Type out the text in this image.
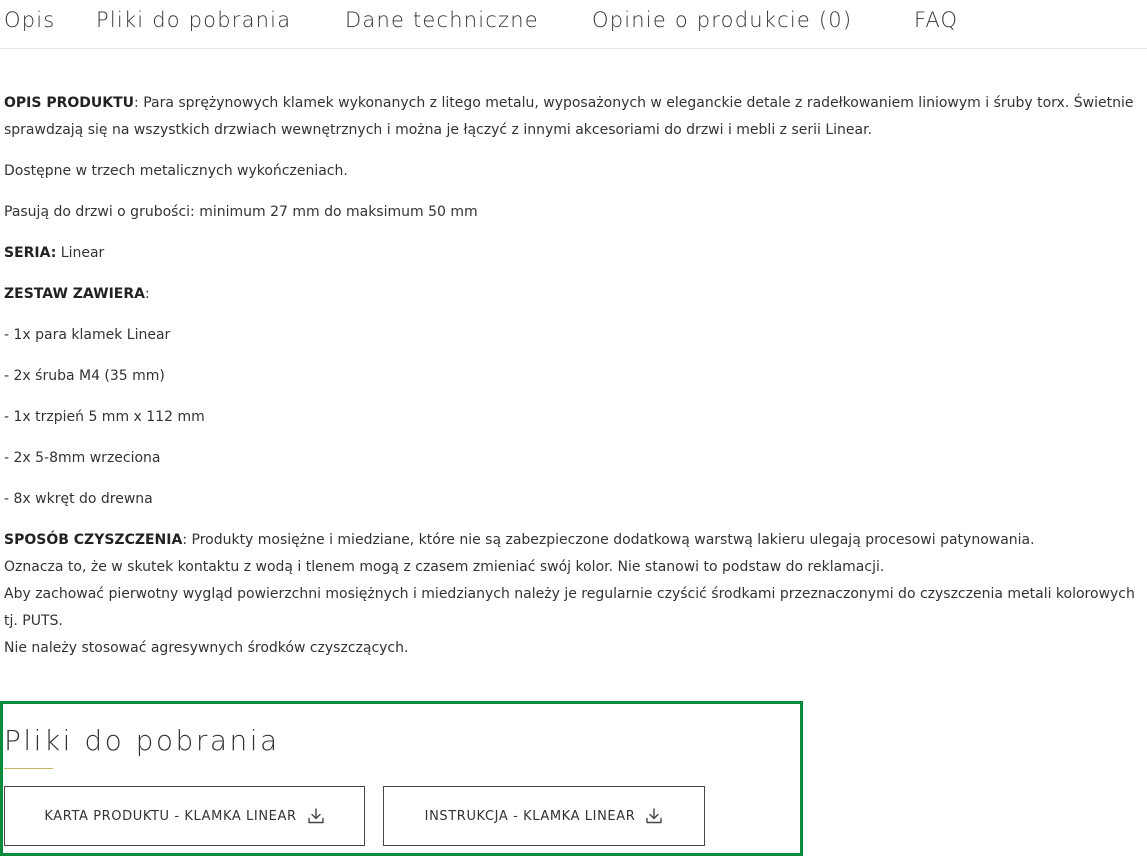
Opis Pliki do pobrania	Dane techniczne	Opinie o produkcie (0)	FAQ

OPIS PRODUKTU: Para sprężynowych klamek wykonanych z litego metalu, wyposażonych w eleganckie detale z radełkowaniem liniowym i śruby torx. Świetnie sprawdzają się na wszystkich drzwiach wewnętrznych i można je łączyć z innymi akcesoriami do drzwi i mebli z serii Linear.

Dostępne w trzech metalicznych wykończeniach.

Pasują do drzwi o grubości: minimum 27 mm do maksimum 50 mm

SERIA: Linear

ZESTAW ZAWIERA:

- 1x para klamek Linear

- 2x śruba M4 (35 mm)

- 1x trzpień 5 mm x 112 mm

- 2x 5-8mm wrzeciona

- 8x wkręt do drewna

SPOSÓB CZYSZCZENIA: Produkty mosiężne i miedziane, które nie są zabezpieczone dodatkową warstwą lakieru ulegają procesowi patynowania.
Oznacza to, że w skutek kontaktu z wodą i tlenem mogą z czasem zmieniać swój kolor. Nie stanowi to podstaw do reklamacji.
Aby zachować pierwotny wygląd powierzchni mosiężnych i miedzianych należy je regularnie czyścić środkami przeznaczonymi do czyszczenia metali kolorowych tj. PUTS.
Nie należy stosować agresywnych środków czyszczących.

Pliki do pobrania
KARTA PRODUKTU - KLAMKA LINEAR	INSTRUKCJA - KLAMKA LINEAR
